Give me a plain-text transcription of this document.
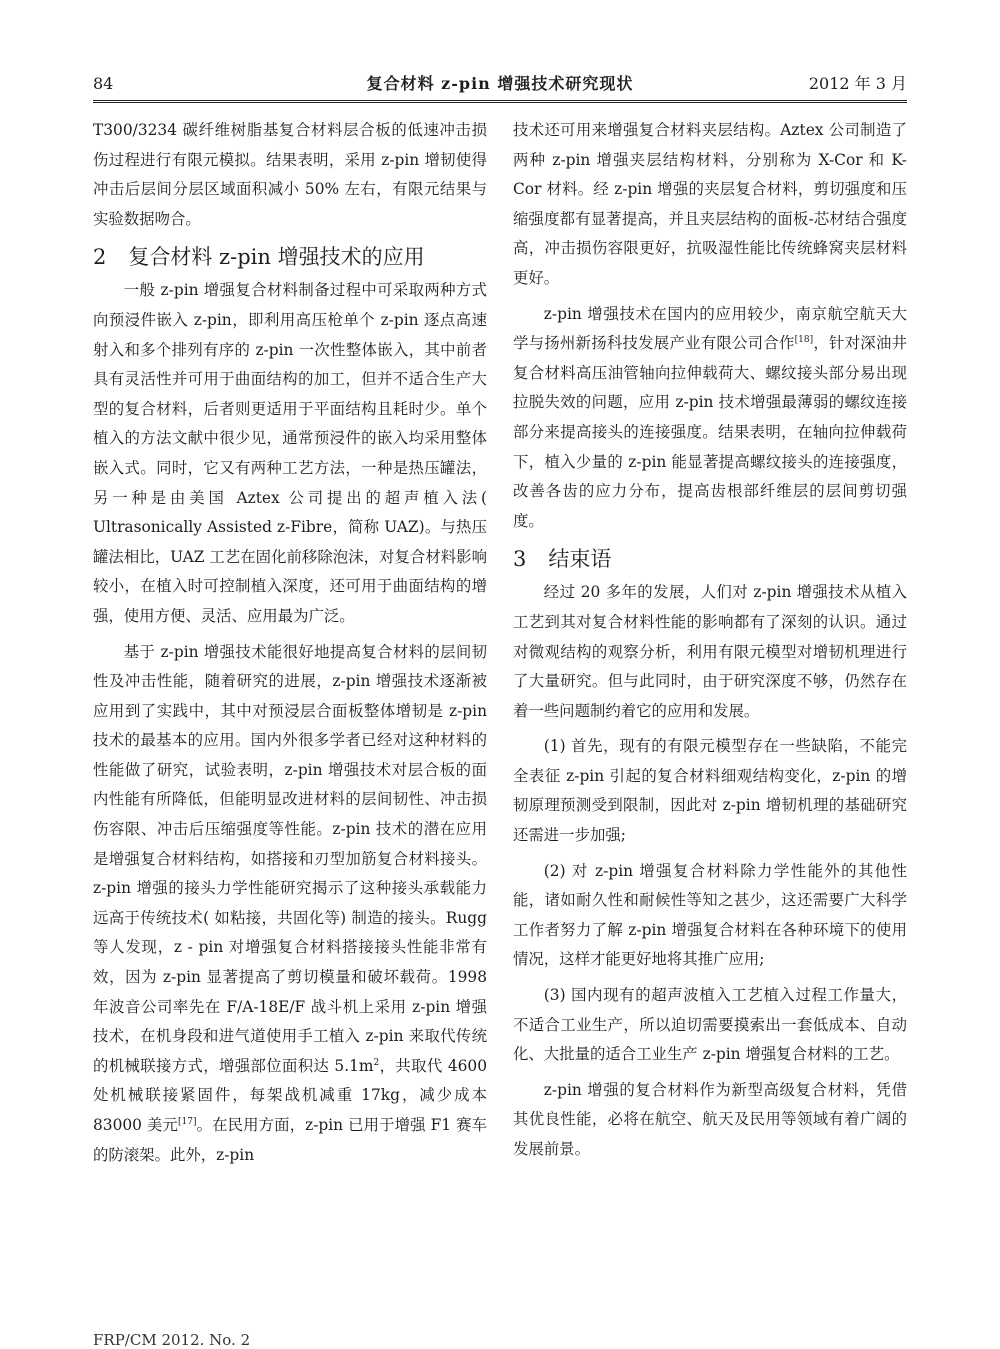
84	复合材料 z-pin 增强技术研究现状	2012 年 3 月

T300/3234 碳纤维树脂基复合材料层合板的低速冲击损伤过程进行有限元模拟。结果表明，采用 z-pin 增韧使得冲击后层间分层区域面积减小 50% 左右，有限元结果与实验数据吻合。

2 复合材料 z-pin 增强技术的应用

一般 z-pin 增强复合材料制备过程中可采取两种方式向预浸件嵌入 z-pin，即利用高压枪单个 z-pin 逐点高速射入和多个排列有序的 z-pin 一次性整体嵌入，其中前者具有灵活性并可用于曲面结构的加工，但并不适合生产大型的复合材料，后者则更适用于平面结构且耗时少。单个植入的方法文献中很少见，通常预浸件的嵌入均采用整体嵌入式。同时，它又有两种工艺方法，一种是热压罐法，另一种是由美国 Aztex 公司提出的超声植入法( Ultrasonically Assisted z-Fibre，简称 UAZ)。与热压罐法相比，UAZ 工艺在固化前移除泡沫，对复合材料影响较小，在植入时可控制植入深度，还可用于曲面结构的增强，使用方便、灵活、应用最为广泛。

基于 z-pin 增强技术能很好地提高复合材料的层间韧性及冲击性能，随着研究的进展，z-pin 增强技术逐渐被应用到了实践中，其中对预浸层合面板整体增韧是 z-pin 技术的最基本的应用。国内外很多学者已经对这种材料的性能做了研究，试验表明，z-pin 增强技术对层合板的面内性能有所降低，但能明显改进材料的层间韧性、冲击损伤容限、冲击后压缩强度等性能。z-pin 技术的潜在应用是增强复合材料结构，如搭接和刃型加筋复合材料接头。z-pin 增强的接头力学性能研究揭示了这种接头承载能力远高于传统技术( 如粘接，共固化等) 制造的接头。Rugg 等人发现，z - pin 对增强复合材料搭接接头性能非常有效，因为 z-pin 显著提高了剪切模量和破坏载荷。1998 年波音公司率先在 F/A-18E/F 战斗机上采用 z-pin 增强技术，在机身段和进气道使用手工植入 z-pin 来取代传统的机械联接方式，增强部位面积达 $5.1m^2$，共取代 4600 处机械联接紧固件，每架战机减重 17kg，减少成本 83000 美元[17]。在民用方面，z-pin 已用于增强 F1 赛车的防滚架。此外，z-pin

技术还可用来增强复合材料夹层结构。Aztex 公司制造了两种 z-pin 增强夹层结构材料，分别称为 X-Cor 和 K-Cor 材料。经 z-pin 增强的夹层复合材料，剪切强度和压缩强度都有显著提高，并且夹层结构的面板-芯材结合强度高，冲击损伤容限更好，抗吸湿性能比传统蜂窝夹层材料更好。

z-pin 增强技术在国内的应用较少，南京航空航天大学与扬州新扬科技发展产业有限公司合作[18]，针对深油井复合材料高压油管轴向拉伸载荷大、螺纹接头部分易出现拉脱失效的问题，应用 z-pin 技术增强最薄弱的螺纹连接部分来提高接头的连接强度。结果表明，在轴向拉伸载荷下，植入少量的 z-pin 能显著提高螺纹接头的连接强度，改善各齿的应力分布，提高齿根部纤维层的层间剪切强度。

3 结束语

经过 20 多年的发展，人们对 z-pin 增强技术从植入工艺到其对复合材料性能的影响都有了深刻的认识。通过对微观结构的观察分析，利用有限元模型对增韧机理进行了大量研究。但与此同时，由于研究深度不够，仍然存在着一些问题制约着它的应用和发展。

(1) 首先，现有的有限元模型存在一些缺陷，不能完全表征 z-pin 引起的复合材料细观结构变化，z-pin 的增韧原理预测受到限制，因此对 z-pin 增韧机理的基础研究还需进一步加强;

(2) 对 z-pin 增强复合材料除力学性能外的其他性能，诸如耐久性和耐候性等知之甚少，这还需要广大科学工作者努力了解 z-pin 增强复合材料在各种环境下的使用情况，这样才能更好地将其推广应用;

(3) 国内现有的超声波植入工艺植入过程工作量大，不适合工业生产，所以迫切需要摸索出一套低成本、自动化、大批量的适合工业生产 z-pin 增强复合材料的工艺。

z-pin 增强的复合材料作为新型高级复合材料，凭借其优良性能，必将在航空、航天及民用等领域有着广阔的发展前景。

FRP/CM 2012. No. 2
